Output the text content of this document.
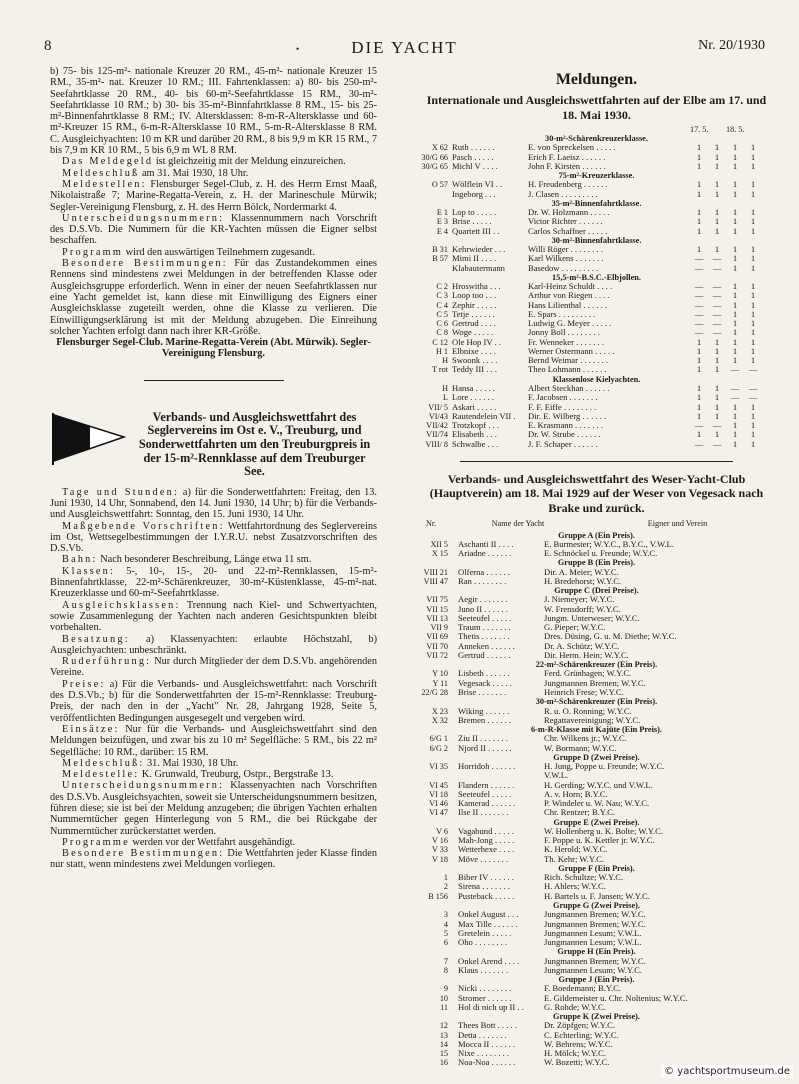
8	•	DIE YACHT	Nr. 20/1930

b) 75- bis 125-m²- nationale Kreuzer 20 RM., 45-m²- nationale Kreuzer 15 RM., 35-m²- nat. Kreuzer 10 RM.; III. Fahrtenklassen: a) 80- bis 250-m²-Seefahrtklasse 20 RM., 40- bis 60-m²-Seefahrtklasse 15 RM., 30-m²-Seefahrtklasse 10 RM.; b) 30- bis 35-m²-Binnfahrtklasse 8 RM., 15- bis 25-m²-Binnenfahrtklasse 8 RM.; IV. Altersklassen: 8-m-R-Altersklasse und 60-m²-Kreuzer 15 RM., 6-m-R-Altersklasse 10 RM., 5-m-R-Altersklasse 8 RM. C. Ausgleichyachten: 10 m KR und darüber 20 RM., 8 bis 9,9 m KR 15 RM., 7 bis 7,9 m KR 10 RM., 5 bis 6,9 m WL 8 RM.

Das Meldegeld ist gleichzeitig mit der Meldung einzureichen.

Meldeschluß am 31. Mai 1930, 18 Uhr.

Meldestellen: Flensburger Segel-Club, z. H. des Herrn Ernst Maaß, Nikolaistraße 7; Marine-Regatta-Verein, z. H. der Marineschule Mürwik; Segler-Vereinigung Flensburg, z. H. des Herrn Bölck, Nordermarkt 4.

Unterscheidungsnummern: Klassennummern nach Vorschrift des D.S.Vb. Die Nummern für die KR-Yachten müssen die Eigner selbst beschaffen.

Programm wird den auswärtigen Teilnehmern zugesandt.

Besondere Bestimmungen: Für das Zustandekommen eines Rennens sind mindestens zwei Meldungen in der betreffenden Klasse oder Ausgleichsgruppe erforderlich. Wenn in einer der neuen Seefahrtklassen nur eine Yacht gemeldet ist, kann diese mit Einwilligung des Eigners einer Ausgleichsklasse zugeteilt werden, ohne die Klasse zu verlieren. Die Einwilligungserklärung ist mit der Meldung abzugeben. Die Einreihung solcher Yachten erfolgt dann nach ihrer KR-Größe.

Flensburger Segel-Club. Marine-Regatta-Verein (Abt. Mürwik). Segler-Vereinigung Flensburg.

Verbands- und Ausgleichswettfahrt des Seglervereins im Ost e. V., Treuburg, und Sonderwettfahrten um den Treuburgpreis in der 15-m²-Rennklasse auf dem Treuburger See.

Tage und Stunden: a) für die Sonderwettfahrten: Freitag, den 13. Juni 1930, 14 Uhr, Sonnabend, den 14. Juni 1930, 14 Uhr; b) für die Verbands- und Ausgleichswettfahrt: Sonntag, den 15. Juni 1930, 14 Uhr.

Maßgebende Vorschriften: Wettfahrtordnung des Seglervereins im Ost, Wettsegelbestimmungen der I.Y.R.U. nebst Zusatzvorschriften des D.S.Vb.

Bahn: Nach besonderer Beschreibung, Länge etwa 11 sm.

Klassen: 5-, 10-, 15-, 20- und 22-m²-Rennklassen, 15-m²-Binnenfahrtklasse, 22-m²-Schärenkreuzer, 30-m²-Küstenklasse, 45-m²-nat. Kreuzerklasse und 60-m²-Seefahrtklasse.

Ausgleichsklassen: Trennung nach Kiel- und Schwertyachten, sowie Zusammenlegung der Yachten nach anderen Gesichtspunkten bleibt vorbehalten.

Besatzung: a) Klassenyachten: erlaubte Höchstzahl, b) Ausgleichyachten: unbeschränkt.

Ruderführung: Nur durch Mitglieder der dem D.S.Vb. angehörenden Vereine.

Preise: a) Für die Verbands- und Ausgleichswettfahrt: nach Vorschrift des D.S.Vb.; b) für die Sonderwettfahrten der 15-m²-Rennklasse: Treuburg-Preis, der nach den in der „Yacht" Nr. 28, Jahrgang 1928, Seite 5, veröffentlichten Bedingungen ausgesegelt und vergeben wird.

Einsätze: Nur für die Verbands- und Ausgleichswettfahrt sind den Meldungen beizufügen, und zwar bis zu 10 m² Segelfläche: 5 RM., bis 22 m² Segelfläche: 10 RM., darüber: 15 RM.

Meldeschluß: 31. Mai 1930, 18 Uhr.

Meldestelle: K. Grunwald, Treuburg, Ostpr., Bergstraße 13.

Unterscheidungsnummern: Klassenyachten nach Vorschriften des D.S.Vb. Ausgleichsyachten, soweit sie Unterscheidungsnummern besitzen, führen diese; sie ist bei der Meldung anzugeben; die übrigen Yachten erhalten Nummerntücher gegen Hinterlegung von 5 RM., die bei Rückgabe der Nummerntücher zurückerstattet werden.

Programme werden vor der Wettfahrt ausgehändigt.

Besondere Bestimmungen: Die Wettfahrten jeder Klasse finden nur statt, wenn mindestens zwei Meldungen vorliegen.

Meldungen.
Internationale und Ausgleichswettfahrten auf der Elbe am 17. und 18. Mai 1930.
17. 5.	18. 5.
30-m²-Schärenkreuzerklasse.
X 62 Ruth . . . . . .	E. von Spreckelsen . . . . .	1	1	1	1
30/G 66 Pasch . . . . .	Erich F. Laeisz . . . . . .	1	1	1	1
30/G 65 Michl V . . . .	John F. Kirsten . . . . . .	1	1	1	1
75-m²-Kreuzerklasse.
O 57 Wölflein VI . .	H. Freudenberg . . . . . .	1	1	1	1
Ingeborg . . .	J. Clasen . . . . . . . . .	1	1	1	1
35-m²-Binnenfahrtklasse.
E 1 Lop to . . . . .	Dr. W. Holzmann . . . . .	1	1	1	1
E 3 Brise . . . . .	Victor Richter . . . . . .	1	1	1	1
E 4 Quartett III . .	Carlos Schaffner . . . . .	1	1	1	1
30-m²-Binnenfahrtklasse.
B 31 Kehrwieder . . .	Willi Röger . . . . . . . .	1	1	1	1
B 57 Mimi II . . . .	Karl Wilkens . . . . . . .	—	—	1	1
Klabautermann	Basedow . . . . . . . . .	—	—	1	1
15,5-m²-B.S.C.-Elbjollen.
C 2 Hroswitha . . .	Karl-Heinz Schuldt . . . .	—	—	1	1
C 3 Loop too . . .	Arthur von Riegen . . . .	—	—	1	1
C 4 Zephir . . . . .	Hans Lilienthal . . . . . .	—	—	1	1
C 5 Tetje . . . . . .	E. Spars . . . . . . . . .	—	—	1	1
C 6 Gertrud . . . .	Ludwig G. Meyer . . . . .	—	—	1	1
C 8 Woge . . . . .	Jonny Boll . . . . . . . .	—	—	1	1
C 12 Ole Hop IV . .	Fr. Wenneker . . . . . . .	1	1	1	1
H 1 Elbnixe . . . .	Werner Ostermann . . . . .	1	1	1	1
H Swoonk . . . .	Bernd Weimar . . . . . . .	1	1	1	1
T rot Teddy III . . .	Theo Lohmann . . . . . .	1	1	—	—
Klassenlose Kielyachten.
H Hansa . . . . .	Albert Steckhan . . . . . .	1	1	—	—
L Lore . . . . . .	F. Jacobsen . . . . . . .	1	1	—	—
VII/ 5 Askari . . . . .	F. F. Eiffe . . . . . . . .	1	1	1	1
VI/43 Rautendelein VII .	Dir. E. Wilberg . . . . . .	1	1	1	1
VII/42 Trotzkopf . . .	E. Krasmann . . . . . . .	—	—	1	1
VII/74 Elisabeth . . .	Dr. W. Strube . . . . . .	1	1	1	1
VIII/ 8 Schwalbe . . .	J. F. Schaper . . . . . .	—	—	1	1
Verbands- und Ausgleichswettfahrt des Weser-Yacht-Club (Hauptverein) am 18. Mai 1929 auf der Weser von Vegesack nach Brake und zurück.
Nr.	Name der Yacht	Eigner und Verein
Gruppe A (Ein Preis).
XII 5	Aschanti II . . . .	E. Burmester; W.Y.C., B.Y.C., V.W.L.
X 15	Ariadne . . . . . .	E. Schnöckel u. Freunde; W.Y.C.
Gruppe B (Ein Preis).
VIII 21	Olferna . . . . . .	Dir. A. Meier; W.Y.C.
VIII 47	Ran . . . . . . . .	H. Bredehorst; W.Y.C.
Gruppe C (Drei Preise).
VII 75	Aegir . . . . . . .	J. Niemeyer; W.Y.C.
VII 15	Juno II . . . . . .	W. Frensdorff; W.Y.C.
VII 13	Seeteufel . . . . .	Jungm. Unterweser; W.Y.C.
VII 9	Traum . . . . . . .	G. Pieper; W.Y.C.
VII 69	Thetis . . . . . . .	Dres. Düsing, G. u. M. Diethe; W.Y.C.
VII 70	Anneken . . . . . .	Dr. A. Schütz; W.Y.C.
VII 72	Gertrud . . . . . .	Dir. Herm. Hein; W.Y.C.
22-m²-Schärenkreuzer (Ein Preis).
Y 10	Lisbeth . . . . . .	Ferd. Grünhagen; W.Y.C.
Y 11	Vegesack . . . . .	Jungmannen Bremen; W.Y.C.
22/G 28	Brise . . . . . . .	Heinrich Frese; W.Y.C.
30-m²-Schärenkreuzer (Ein Preis).
X 23	Wiking . . . . . .	R. u. O. Ronning; W.Y.C.
X 32	Bremen . . . . . .	Regattavereinigung; W.Y.C.
6-m-R-Klasse mit Kajüte (Ein Preis).
6/G 1	Ziu II . . . . . . .	Chr. Wilkens jr.; W.Y.C.
6/G 2	Njord II . . . . . .	W. Bormann; W.Y.C.
Gruppe D (Zwei Preise).
VI 35	Horridoh . . . . . .	H. Jung, Poppe u. Freunde; W.Y.C.
V.W.L.
VI 45	Flandern . . . . . .	H. Gerding; W.Y.C. und V.W.L.
VI 18	Seeteufel . . . . .	A. v. Horn; B.Y.C.
VI 46	Kamerad . . . . . .	P. Windeler u. W. Nau; W.Y.C.
VI 47	Ilse II . . . . . . .	Chr. Rentzer; B.Y.C.
Gruppe E (Zwei Preise).
V 6	Vagabund . . . . .	W. Hollenberg u. K. Bolte; W.Y.C.
V 16	Mah-Jong . . . . .	F. Poppe u. K. Kettler jr. W.Y.C.
V 33	Wetterhexe . . . .	K. Herold; W.Y.C.
V 18	Möve . . . . . . .	Th. Kehr; W.Y.C.
Gruppe F (Ein Preis).
1	Biber IV . . . . . .	Rich. Schultze; W.Y.C.
2	Sirena . . . . . . .	H. Ahlers; W.Y.C.
B 156	Pusteback . . . . .	H. Bartels u. F. Jansen; W.Y.C.
Gruppe G (Zwei Preise).
3	Onkel August . . .	Jungmannen Bremen; W.Y.C.
4	Max Tille . . . . . .	Jungmannen Bremen; W.Y.C.
5	Gretelein . . . . .	Jungmannen Lesum; V.W.L.
6	Oho . . . . . . . .	Jungmannen Lesum; V.W.L.
Gruppe H (Ein Preis).
7	Onkel Arend . . . .	Jungmannen Bremen; W.Y.C.
8	Klaus . . . . . . .	Jungmannen Lesum; W.Y.C.
Gruppe J (Ein Preis).
9	Nicki . . . . . . . .	F. Boedemann; B.Y.C.
10	Stromer . . . . . .	E. Gildemeister u. Chr. Noltenius; W.Y.C.
11	Hol di nich up II . .	G. Rohde; W.Y.C.
Gruppe K (Zwei Preise).
12	Thees Bott . . . . .	Dr. Zöpfgen; W.Y.C.
13	Detta . . . . . . .	C. Echterling; W.Y.C.
14	Mocca II . . . . . .	W. Behrens; W.Y.C.
15	Nixe . . . . . . . .	H. Mölck; W.Y.C.
16	Noa-Noa . . . . . .	W. Bozetti; W.Y.C.
© yachtsportmuseum.de
